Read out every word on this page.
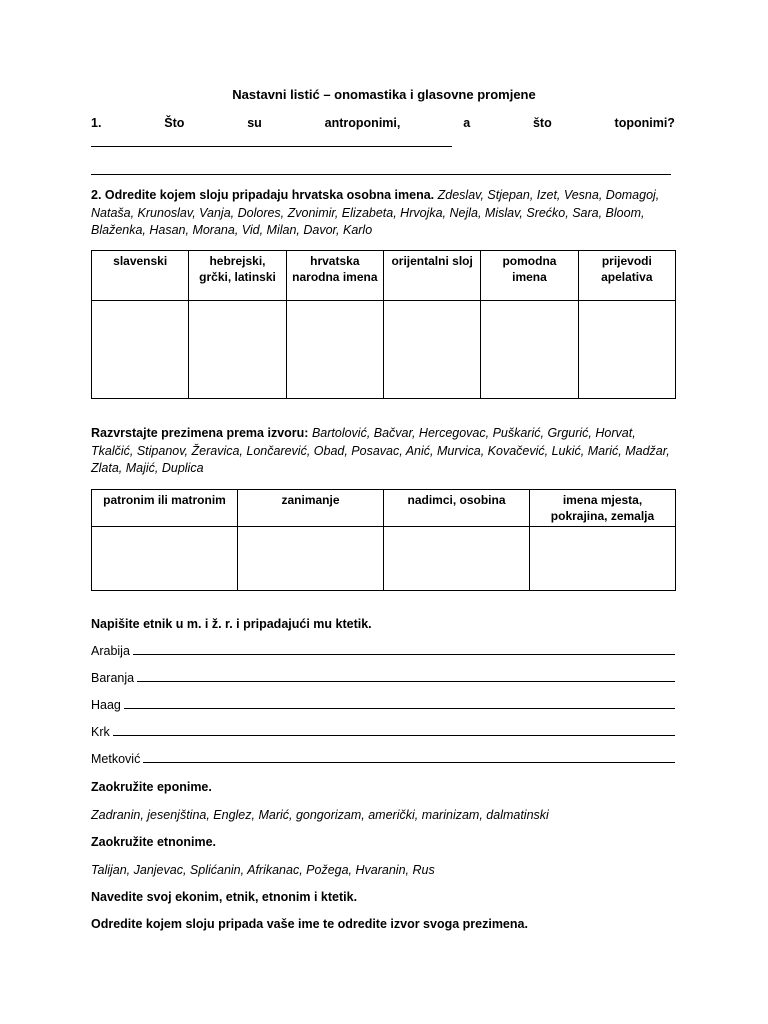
Nastavni listić – onomastika i glasovne promjene
1.	Što	su	antroponimi,	a	što	toponimi?
2. Odredite kojem sloju pripadaju hrvatska osobna imena. Zdeslav, Stjepan, Izet, Vesna, Domagoj, Nataša, Krunoslav, Vanja, Dolores, Zvonimir, Elizabeta, Hrvojka, Nejla, Mislav, Srećko, Sara, Bloom, Blaženka, Hasan, Morana, Vid, Milan, Davor, Karlo
slavenski	hebrejski, grčki, latinski	hrvatska narodna imena	orijentalni sloj	pomodna imena	prijevodi apelativa

Razvrstajte prezimena prema izvoru: Bartolović, Bačvar, Hercegovac, Puškarić, Grgurić, Horvat, Tkalčić, Stipanov, Žeravica, Lončarević, Obad, Posavac, Anić, Murvica, Kovačević, Lukić, Marić, Madžar, Zlata, Majić, Duplica
patronim ili matronim	zanimanje	nadimci, osobina	imena mjesta, pokrajina, zemalja

Napišite etnik u m. i ž. r. i pripadajući mu ktetik.
Arabija
Baranja
Haag
Krk
Metković
Zaokružite eponime.
Zadranin, jesenjština, Englez, Marić, gongorizam, američki, marinizam, dalmatinski
Zaokružite etnonime.
Talijan, Janjevac, Splićanin, Afrikanac, Požega, Hvaranin, Rus
Navedite svoj ekonim, etnik, etnonim i ktetik.
Odredite kojem sloju pripada vaše ime te odredite izvor svoga prezimena.
